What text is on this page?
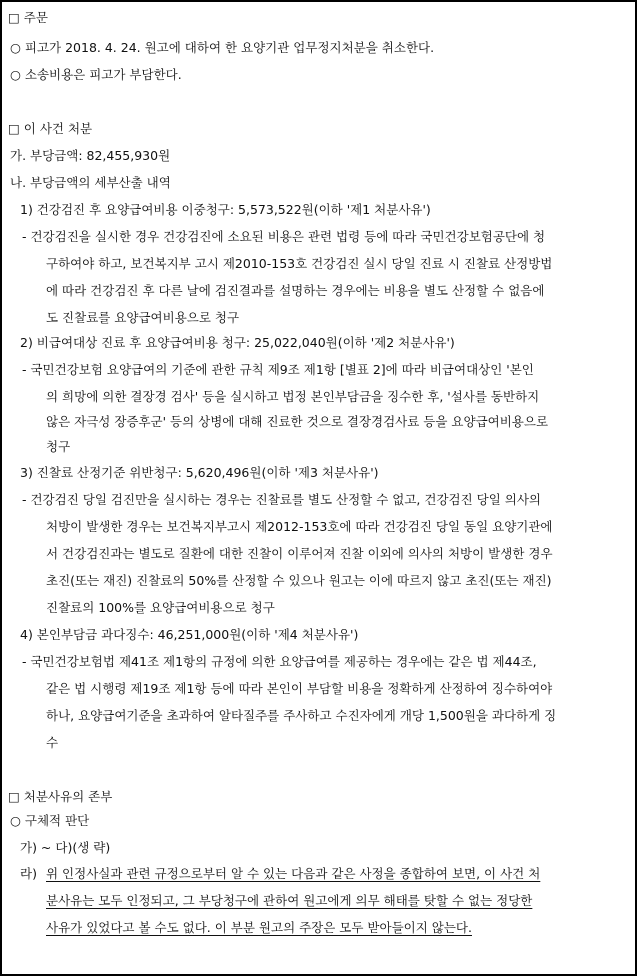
□ 주문
○ 피고가 2018. 4. 24. 원고에 대하여 한 요양기관 업무정지처분을 취소한다.
○ 소송비용은 피고가 부담한다.
□ 이 사건 처분
가. 부당금액: 82,455,930원
나. 부당금액의 세부산출 내역
1) 건강검진 후 요양급여비용 이중청구: 5,573,522원(이하 '제1 처분사유')
- 건강검진을 실시한 경우 건강검진에 소요된 비용은 관련 법령 등에 따라 국민건강보험공단에 청
구하여야 하고, 보건복지부 고시 제2010-153호 건강검진 실시 당일 진료 시 진찰료 산정방법
에 따라 건강검진 후 다른 날에 검진결과를 설명하는 경우에는 비용을 별도 산정할 수 없음에
도 진찰료를 요양급여비용으로 청구
2) 비급여대상 진료 후 요양급여비용 청구: 25,022,040원(이하 '제2 처분사유')
- 국민건강보험 요양급여의 기준에 관한 규칙 제9조 제1항 [별표 2]에 따라 비급여대상인 '본인
의 희망에 의한 결장경 검사' 등을 실시하고 법정 본인부담금을 징수한 후, '설사를 동반하지
않은 자극성 장증후군' 등의 상병에 대해 진료한 것으로 결장경검사료 등을 요양급여비용으로
청구
3) 진찰료 산정기준 위반청구: 5,620,496원(이하 '제3 처분사유')
- 건강검진 당일 검진만을 실시하는 경우는 진찰료를 별도 산정할 수 없고, 건강검진 당일 의사의
처방이 발생한 경우는 보건복지부고시 제2012-153호에 따라 건강검진 당일 동일 요양기관에
서 건강검진과는 별도로 질환에 대한 진찰이 이루어져 진찰 이외에 의사의 처방이 발생한 경우
초진(또는 재진) 진찰료의 50%를 산정할 수 있으나 원고는 이에 따르지 않고 초진(또는 재진)
진찰료의 100%를 요양급여비용으로 청구
4) 본인부담금 과다징수: 46,251,000원(이하 '제4 처분사유')
- 국민건강보험법 제41조 제1항의 규정에 의한 요양급여를 제공하는 경우에는 같은 법 제44조,
같은 법 시행령 제19조 제1항 등에 따라 본인이 부담할 비용을 정확하게 산정하여 징수하여야
하나, 요양급여기준을 초과하여 알타질주를 주사하고 수진자에게 개당 1,500원을 과다하게 징
수
□ 처분사유의 존부
○ 구체적 판단
가) ~ 다)(생 략)
라) 위 인정사실과 관련 규정으로부터 알 수 있는 다음과 같은 사정을 종합하여 보면, 이 사건 처
분사유는 모두 인정되고, 그 부당청구에 관하여 원고에게 의무 해태를 탓할 수 없는 정당한
사유가 있었다고 볼 수도 없다. 이 부분 원고의 주장은 모두 받아들이지 않는다.
